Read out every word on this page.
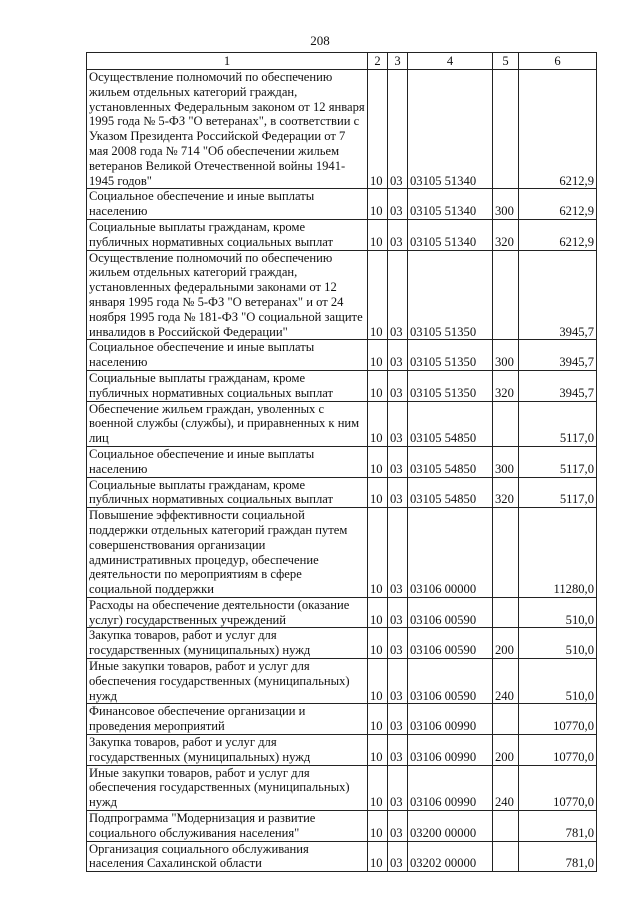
208
1	2	3	4	5	6
Осуществление полномочий по обеспечению жильем отдельных категорий граждан, установленных Федеральным законом от 12 января 1995 года № 5-ФЗ "О ветеранах", в соответствии с Указом Президента Российской Федерации от 7 мая 2008 года № 714 "Об обеспечении жильем ветеранов Великой Отечественной войны 1941-1945 годов"	10	03	03105 51340		6212,9
Социальное обеспечение и иные выплаты населению	10	03	03105 51340	300	6212,9
Социальные выплаты гражданам, кроме публичных нормативных социальных выплат	10	03	03105 51340	320	6212,9
Осуществление полномочий по обеспечению жильем отдельных категорий граждан, установленных федеральными законами от 12 января 1995 года № 5-ФЗ "О ветеранах" и от 24 ноября 1995 года № 181-ФЗ "О социальной защите инвалидов в Российской Федерации"	10	03	03105 51350		3945,7
Социальное обеспечение и иные выплаты населению	10	03	03105 51350	300	3945,7
Социальные выплаты гражданам, кроме публичных нормативных социальных выплат	10	03	03105 51350	320	3945,7
Обеспечение жильем граждан, уволенных с военной службы (службы), и приравненных к ним лиц	10	03	03105 54850		5117,0
Социальное обеспечение и иные выплаты населению	10	03	03105 54850	300	5117,0
Социальные выплаты гражданам, кроме публичных нормативных социальных выплат	10	03	03105 54850	320	5117,0
Повышение эффективности социальной поддержки отдельных категорий граждан путем совершенствования организации административных процедур, обеспечение деятельности по мероприятиям в сфере социальной поддержки	10	03	03106 00000		11280,0
Расходы на обеспечение деятельности (оказание услуг) государственных учреждений	10	03	03106 00590		510,0
Закупка товаров, работ и услуг для государственных (муниципальных) нужд	10	03	03106 00590	200	510,0
Иные закупки товаров, работ и услуг для обеспечения государственных (муниципальных) нужд	10	03	03106 00590	240	510,0
Финансовое обеспечение организации и проведения мероприятий	10	03	03106 00990		10770,0
Закупка товаров, работ и услуг для государственных (муниципальных) нужд	10	03	03106 00990	200	10770,0
Иные закупки товаров, работ и услуг для обеспечения государственных (муниципальных) нужд	10	03	03106 00990	240	10770,0
Подпрограмма "Модернизация и развитие социального обслуживания населения"	10	03	03200 00000		781,0
Организация социального обслуживания населения Сахалинской области	10	03	03202 00000		781,0
